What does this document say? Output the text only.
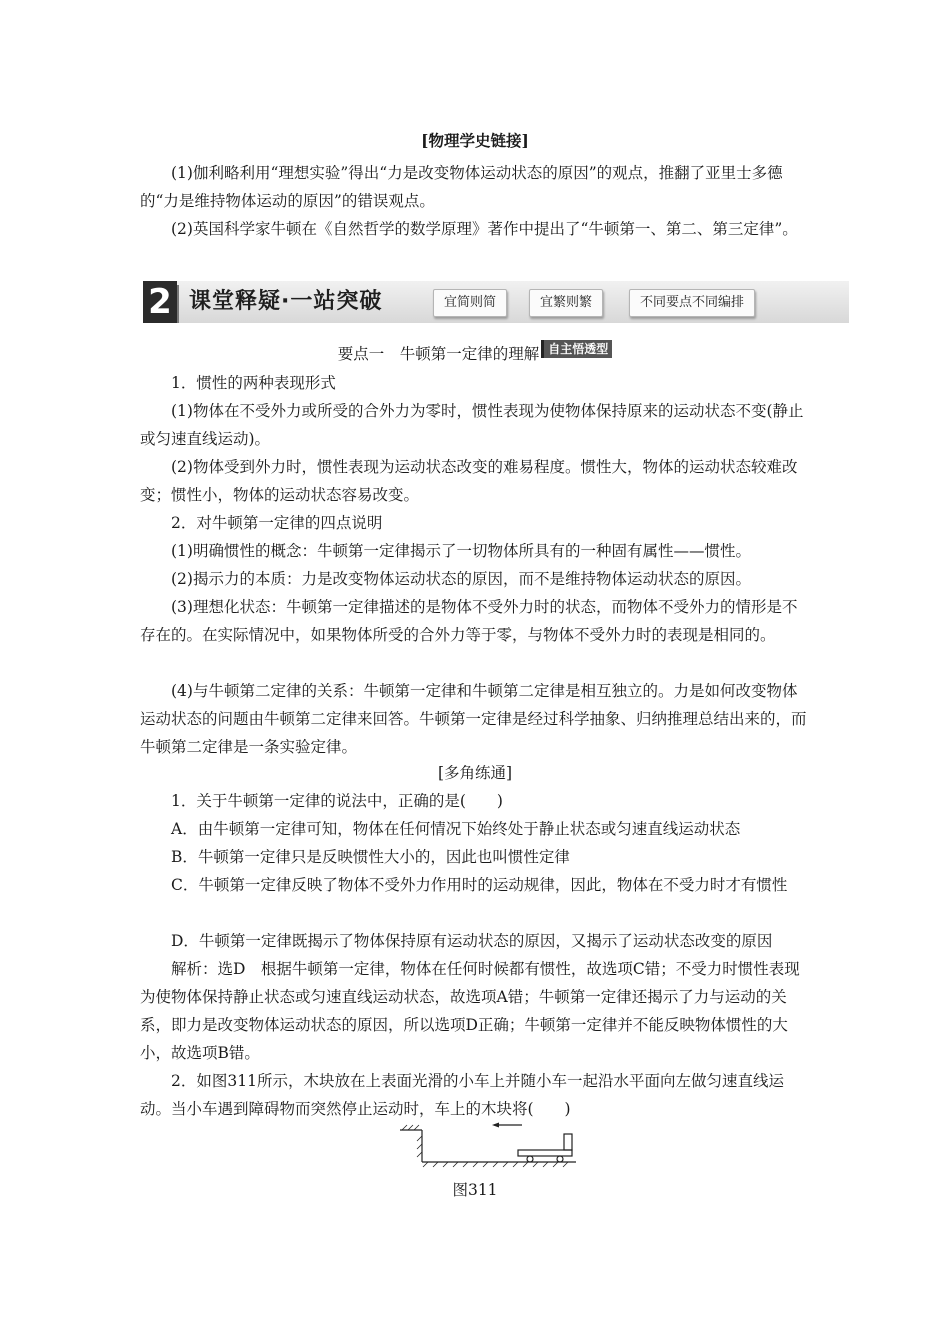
[物理学史链接]

(1)伽利略利用“理想实验”得出“力是改变物体运动状态的原因”的观点，推翻了亚里士多德的“力是维持物体运动的原因”的错误观点。

(2)英国科学家牛顿在《自然哲学的数学原理》著作中提出了“牛顿第一、第二、第三定律”。

2 课堂释疑·一站突破	宜简则简	宜繁则繁	不同要点不同编排

要点一　牛顿第一定律的理解 自主悟透型

1．惯性的两种表现形式

(1)物体在不受外力或所受的合外力为零时，惯性表现为使物体保持原来的运动状态不变(静止或匀速直线运动)。

(2)物体受到外力时，惯性表现为运动状态改变的难易程度。惯性大，物体的运动状态较难改变；惯性小，物体的运动状态容易改变。

2．对牛顿第一定律的四点说明

(1)明确惯性的概念：牛顿第一定律揭示了一切物体所具有的一种固有属性——惯性。

(2)揭示力的本质：力是改变物体运动状态的原因，而不是维持物体运动状态的原因。

(3)理想化状态：牛顿第一定律描述的是物体不受外力时的状态，而物体不受外力的情形是不存在的。在实际情况中，如果物体所受的合外力等于零，与物体不受外力时的表现是相同的。

(4)与牛顿第二定律的关系：牛顿第一定律和牛顿第二定律是相互独立的。力是如何改变物体运动状态的问题由牛顿第二定律来回答。牛顿第一定律是经过科学抽象、归纳推理总结出来的，而牛顿第二定律是一条实验定律。

[多角练通]

1．关于牛顿第一定律的说法中，正确的是(　　)

A．由牛顿第一定律可知，物体在任何情况下始终处于静止状态或匀速直线运动状态

B．牛顿第一定律只是反映惯性大小的，因此也叫惯性定律

C．牛顿第一定律反映了物体不受外力作用时的运动规律，因此，物体在不受力时才有惯性

D．牛顿第一定律既揭示了物体保持原有运动状态的原因，又揭示了运动状态改变的原因

解析：选D　根据牛顿第一定律，物体在任何时候都有惯性，故选项C错；不受力时惯性表现为使物体保持静止状态或匀速直线运动状态，故选项A错；牛顿第一定律还揭示了力与运动的关系，即力是改变物体运动状态的原因，所以选项D正确；牛顿第一定律并不能反映物体惯性的大小，故选项B错。

2．如图311所示，木块放在上表面光滑的小车上并随小车一起沿水平面向左做匀速直线运动。当小车遇到障碍物而突然停止运动时，车上的木块将(　　)

图311
